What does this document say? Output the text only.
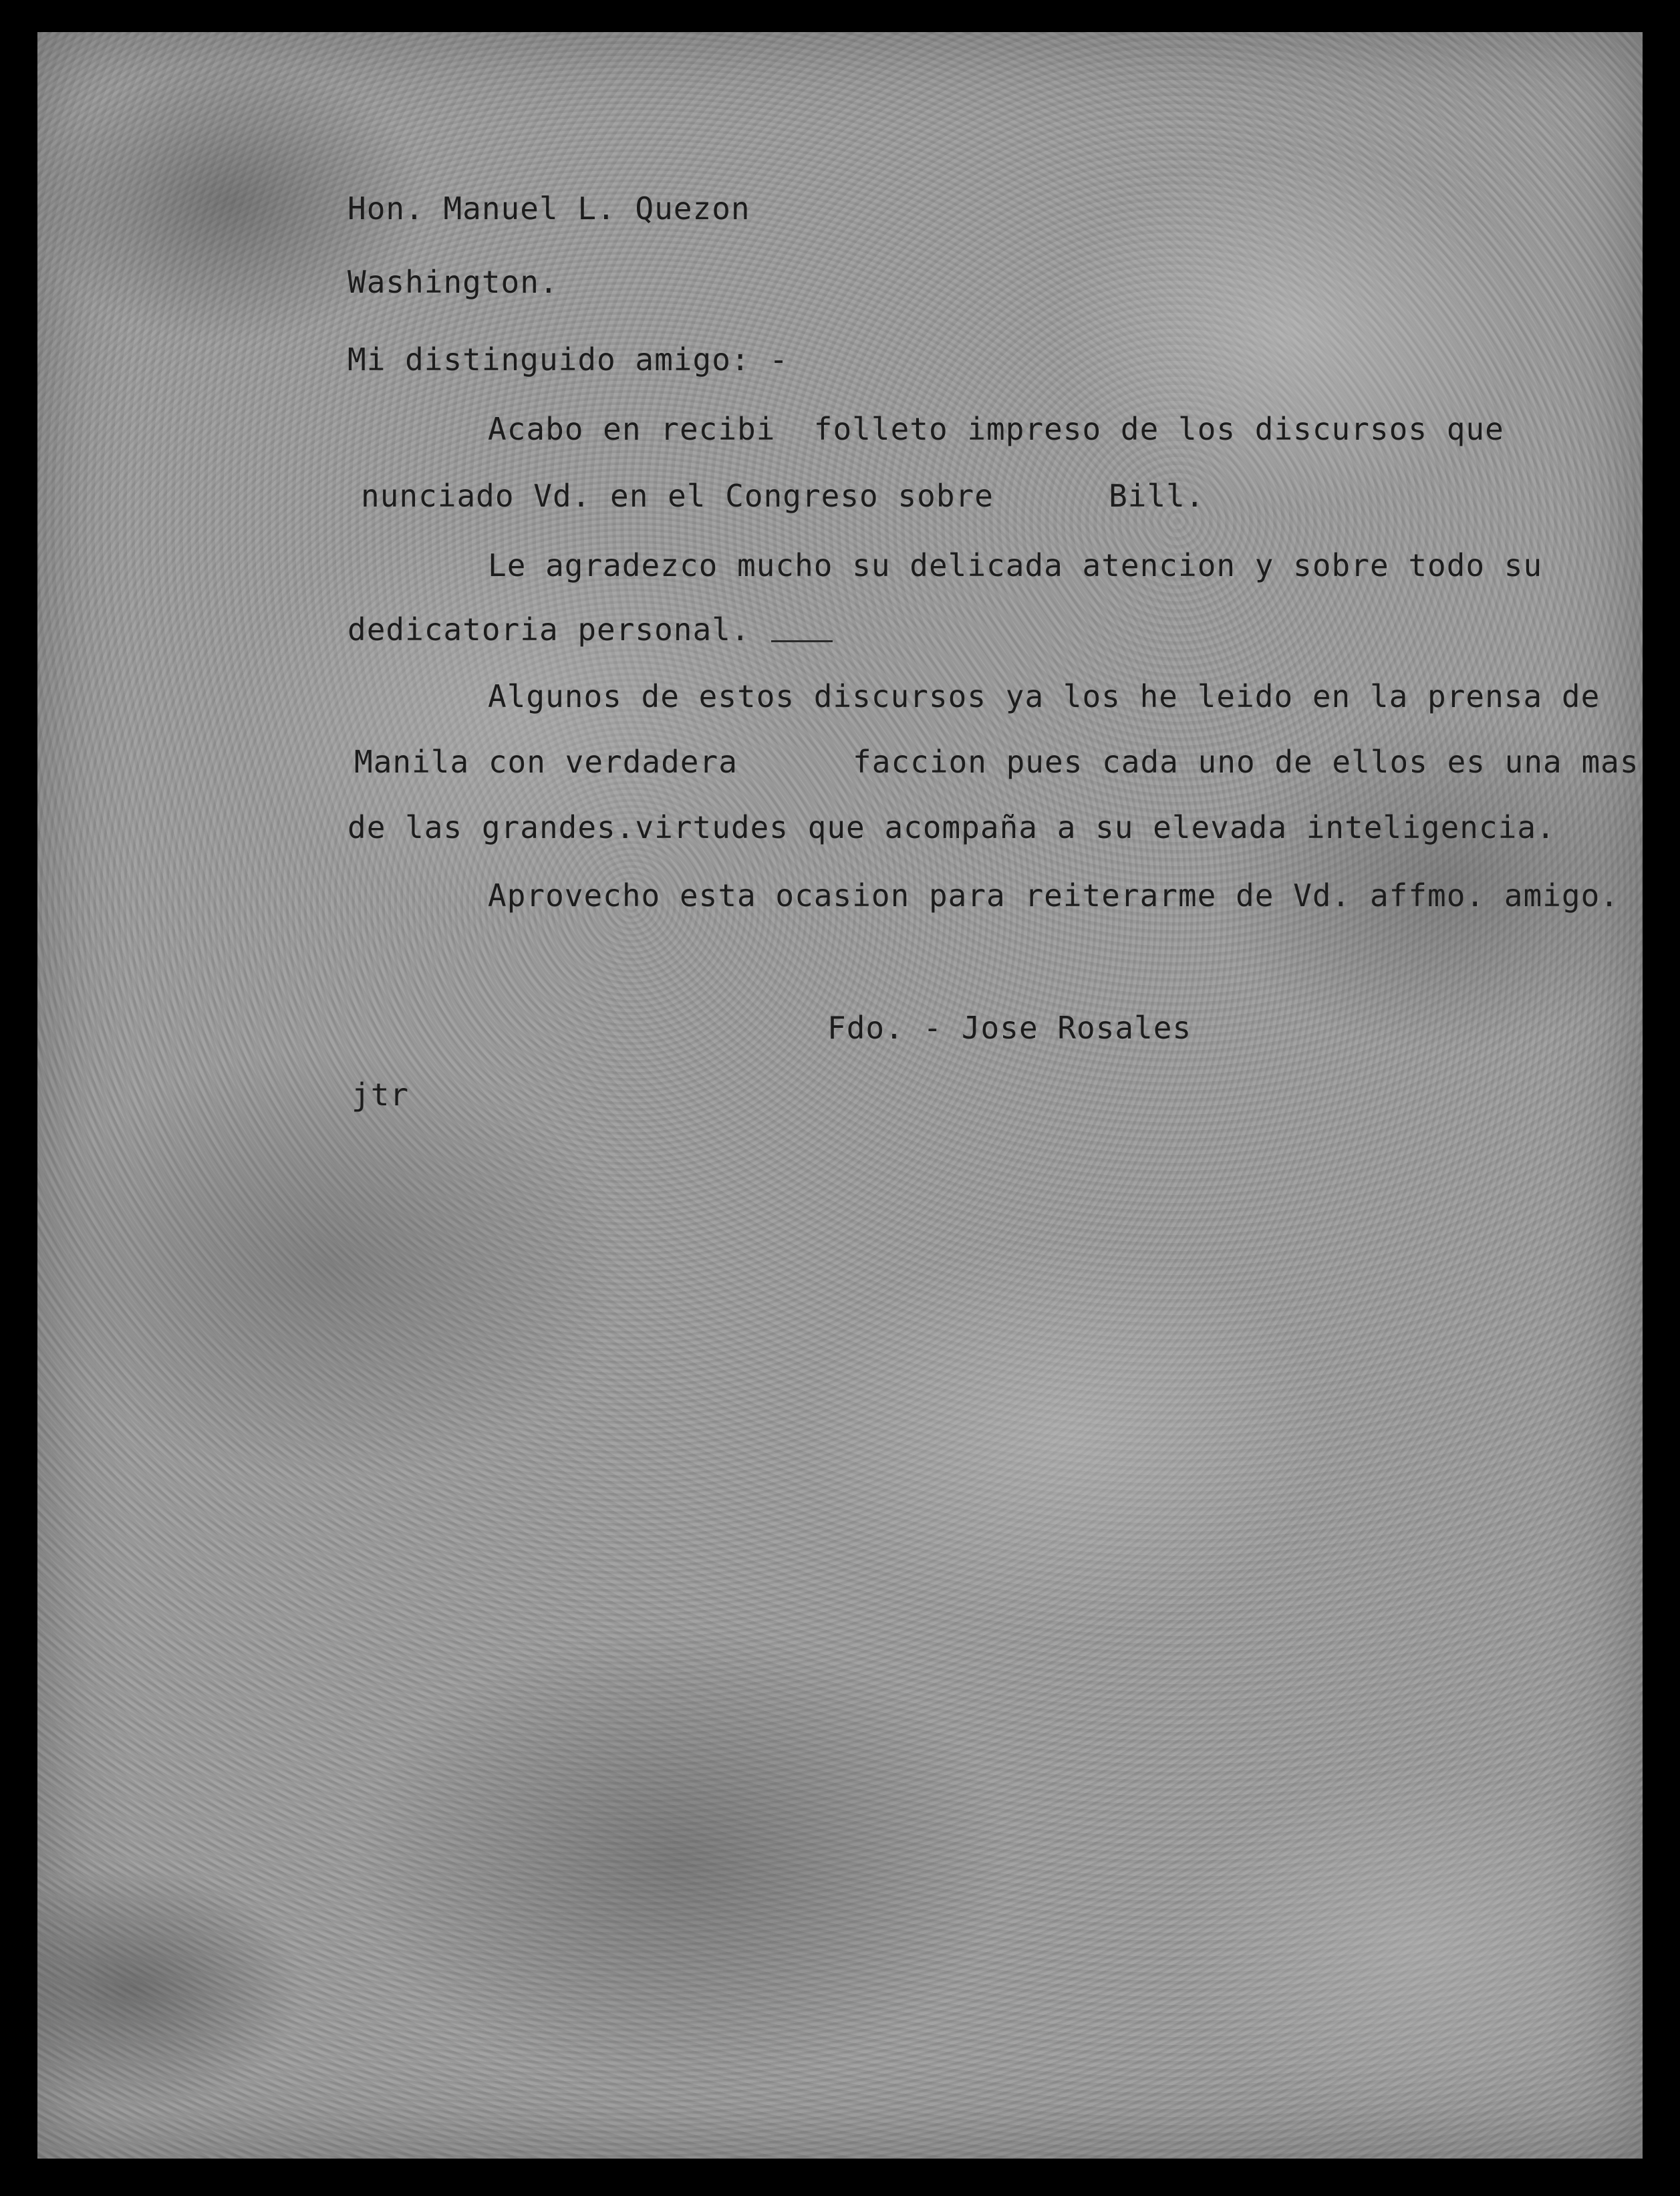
Hon. Manuel L. Quezon

Washington.

Mi distinguido amigo: -

Acabo en recibi  folleto impreso de los discursos que

nunciado Vd. en el Congreso sobre      Bill.

Le agradezco mucho su delicada atencion y sobre todo su

dedicatoria personal.

Algunos de estos discursos ya los he leido en la prensa de

Manila con verdadera      faccion pues cada uno de ellos es una mas

de las grandes.virtudes que acompaña a su elevada inteligencia.

Aprovecho esta ocasion para reiterarme de Vd. affmo. amigo.

Fdo. - Jose Rosales

jtr
